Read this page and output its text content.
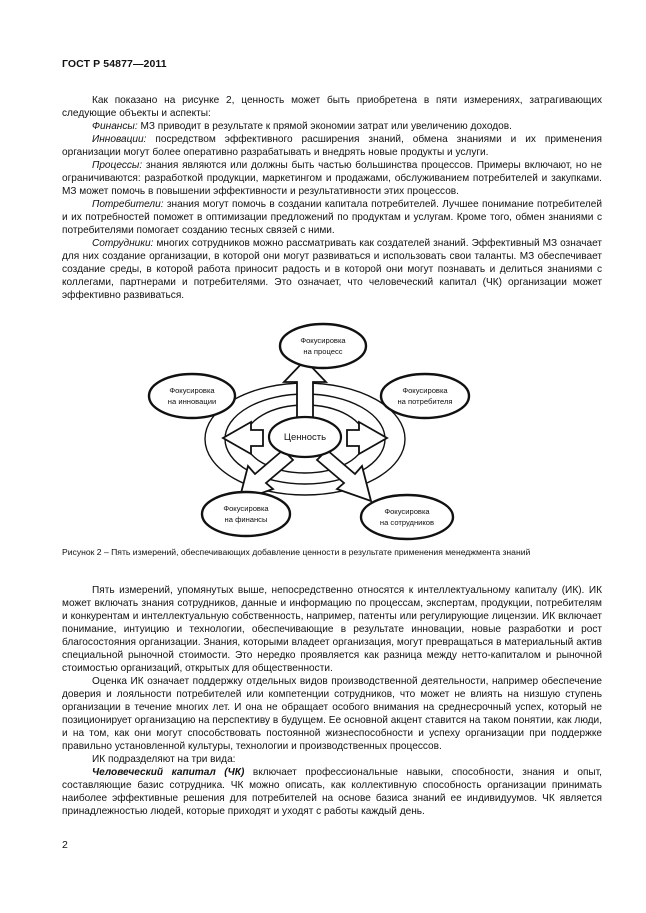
ГОСТ Р 54877—2011

Как показано на рисунке 2, ценность может быть приобретена в пяти измерениях, затрагивающих следующие объекты и аспекты:

Финансы: МЗ приводит в результате к прямой экономии затрат или увеличению доходов.

Инновации: посредством эффективного расширения знаний, обмена знаниями и их применения организации могут более оперативно разрабатывать и внедрять новые продукты и услуги.

Процессы: знания являются или должны быть частью большинства процессов. Примеры включают, но не ограничиваются: разработкой продукции, маркетингом и продажами, обслуживанием потребителей и закупками. МЗ может помочь в повышении эффективности и результативности этих процессов.

Потребители: знания могут помочь в создании капитала потребителей. Лучшее понимание потребителей и их потребностей поможет в оптимизации предложений по продуктам и услугам. Кроме того, обмен знаниями с потребителями помогает созданию тесных связей с ними.

Сотрудники: многих сотрудников можно рассматривать как создателей знаний. Эффективный МЗ означает для них создание организации, в которой они могут развиваться и использовать свои таланты. МЗ обеспечивает создание среды, в которой работа приносит радость и в которой они могут познавать и делиться знаниями с коллегами, партнерами и потребителями. Это означает, что человеческий капитал (ЧК) организации может эффективно развиваться.

Ценность
Фокусировка
на процесс
Фокусировка
на инновации
Фокусировка
на потребителя
Фокусировка
на финансы
Фокусировка
на сотрудников
Рисунок 2 – Пять измерений, обеспечивающих добавление ценности в результате применения менеджмента знаний

Пять измерений, упомянутых выше, непосредственно относятся к интеллектуальному капиталу (ИК). ИК может включать знания сотрудников, данные и информацию по процессам, экспертам, продукции, потребителям и конкурентам и интеллектуальную собственность, например, патенты или регулирующие лицензии. ИК включает понимание, интуицию и технологии, обеспечивающие в результате инновации, новые разработки и рост благосостояния организации. Знания, которыми владеет организация, могут превращаться в материальный актив специальной рыночной стоимости. Это нередко проявляется как разница между нетто-капиталом и рыночной стоимостью организаций, открытых для общественности.

Оценка ИК означает поддержку отдельных видов производственной деятельности, например обеспечение доверия и лояльности потребителей или компетенции сотрудников, что может не влиять на низшую ступень организации в течение многих лет. И она не обращает особого внимания на среднесрочный успех, который не позиционирует организацию на перспективу в будущем. Ее основной акцент ставится на таком понятии, как люди, и на том, как они могут способствовать постоянной жизнеспособности и успеху организации при поддержке правильно установленной культуры, технологии и производственных процессов.

ИК подразделяют на три вида:

Человеческий капитал (ЧК) включает профессиональные навыки, способности, знания и опыт, составляющие базис сотрудника. ЧК можно описать, как коллективную способность организации принимать наиболее эффективные решения для потребителей на основе базиса знаний ее индивидуумов. ЧК является принадлежностью людей, которые приходят и уходят с работы каждый день.

2
